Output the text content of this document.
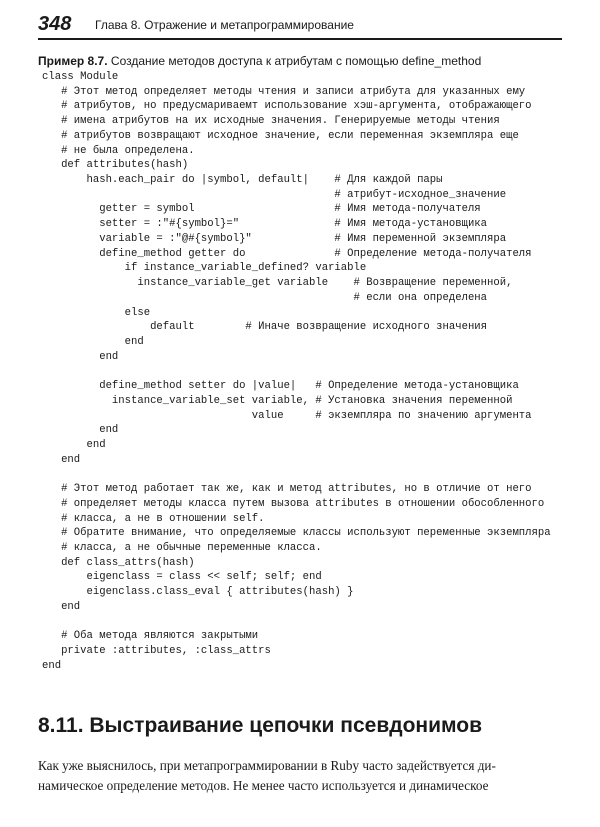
348 Глава 8. Отражение и метапрограммирование
Пример 8.7. Создание методов доступа к атрибутам с помощью define_method
class Module
# Этот метод определяет методы чтения и записи атрибута для указанных ему
# атрибутов, но предусмариваемт использование хэш-аргумента, отображающего
# имена атрибутов на их исходные значения. Генерируемые методы чтения
# атрибутов возвращают исходное значение, если переменная экземпляра еще
# не была определена.
def attributes(hash)
hash.each_pair do |symbol, default|    # Для каждой пары
# атрибут-исходное_значение
getter = symbol                      # Имя метода-получателя
setter = :"#{symbol}="               # Имя метода-установщика
variable = :"@#{symbol}"             # Имя переменной экземпляра
define_method getter do              # Определение метода-получателя
if instance_variable_defined? variable
instance_variable_get variable    # Возвращение переменной,
# если она определена
else
default        # Иначе возвращение исходного значения
end
end
define_method setter do |value|   # Определение метода-установщика
instance_variable_set variable, # Установка значения переменной
value     # экземпляра по значению аргумента
end
end
end
# Этот метод работает так же, как и метод attributes, но в отличие от него
# определяет методы класса путем вызова attributes в отношении обособленного
# класса, а не в отношении self.
# Обратите внимание, что определяемые классы используют переменные экземпляра
# класса, а не обычные переменные класса.
def class_attrs(hash)
eigenclass = class << self; self; end
eigenclass.class_eval { attributes(hash) }
end
# Оба метода являются закрытыми
private :attributes, :class_attrs
end
8.11. Выстраивание цепочки псевдонимов
Как уже выяснилось, при метапрограммировании в Ruby часто задействуется ди-
намическое определение методов. Не менее часто используется и динамическое
